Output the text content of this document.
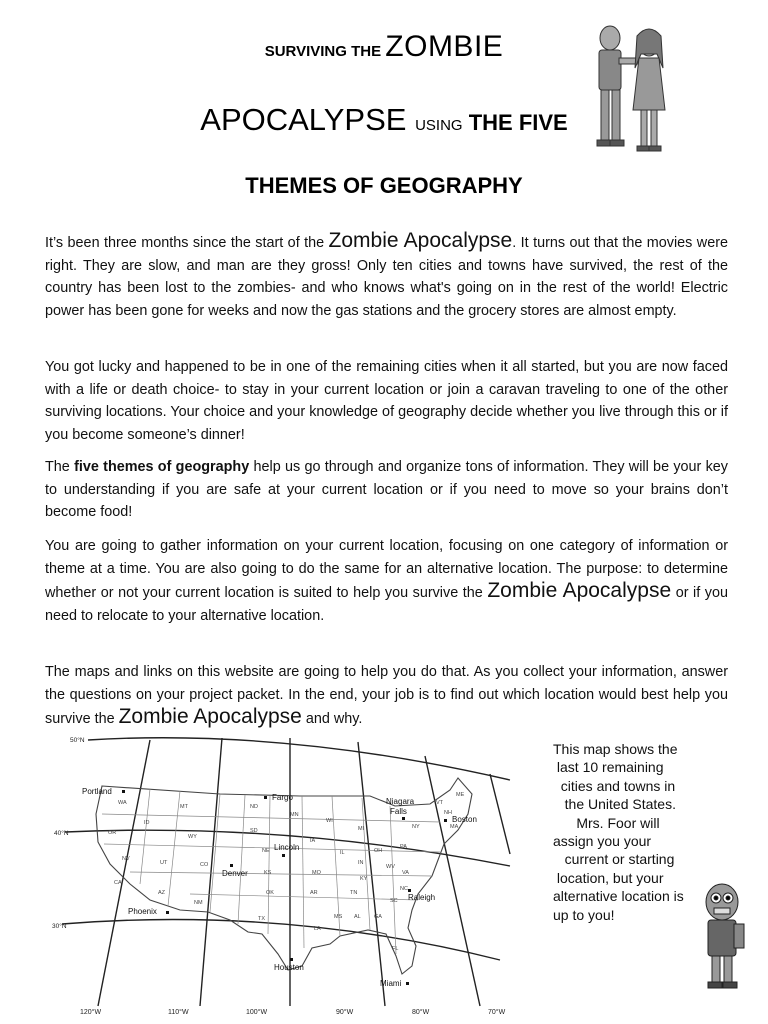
SURVIVING THE ZOMBIE
APOCALYPSE USING THE FIVE
THEMES OF GEOGRAPHY
It’s been three months since the start of the Zombie Apocalypse. It turns out that the movies were right. They are slow, and man are they gross! Only ten cities and towns have survived, the rest of the country has been lost to the zombies- and who knows what's going on in the rest of the world! Electric power has been gone for weeks and now the gas stations and the grocery stores are almost empty.
You got lucky and happened to be in one of the remaining cities when it all started, but you are now faced with a life or death choice- to stay in your current location or join a caravan traveling to one of the other surviving locations. Your choice and your knowledge of geography decide whether you live through this or if you become someone’s dinner!
The five themes of geography help us go through and organize tons of information. They will be your key to understanding if you are safe at your current location or if you need to move so your brains don’t become food!
You are going to gather information on your current location, focusing on one category of information or theme at a time. You are also going to do the same for an alternative location. The purpose: to determine whether or not your current location is suited to help you survive the Zombie Apocalypse or if you need to relocate to your alternative location.
The maps and links on this website are going to help you do that. As you collect your information, answer the questions on your project packet. In the end, your job is to find out which location would best help you survive the Zombie Apocalypse and why.
WA
OR
ID
MT
WY
NV
UT	CO
CA
AZ
NM
ND
SD
NE
KS
OK
TX
MN
IA
MO
AR
LA
WI
IL
MI
IN
OH
KY
TN
MS AL GA
FL
SC
NC
VA
WV
PA
NY
VT
NH
ME
MA
50°N
40°N
30°N
120°W	110°W	100°W	90°W	80°W	70°W
Portland
Fargo	Niagara
Falls
Boston
Lincoln
Denver
Phoenix
Raleigh
Houston
Miami
This map shows the
last 10 remaining
cities and towns in
the United States.
Mrs. Foor will
assign you your
current or starting
location, but your
alternative location is
up to you!
